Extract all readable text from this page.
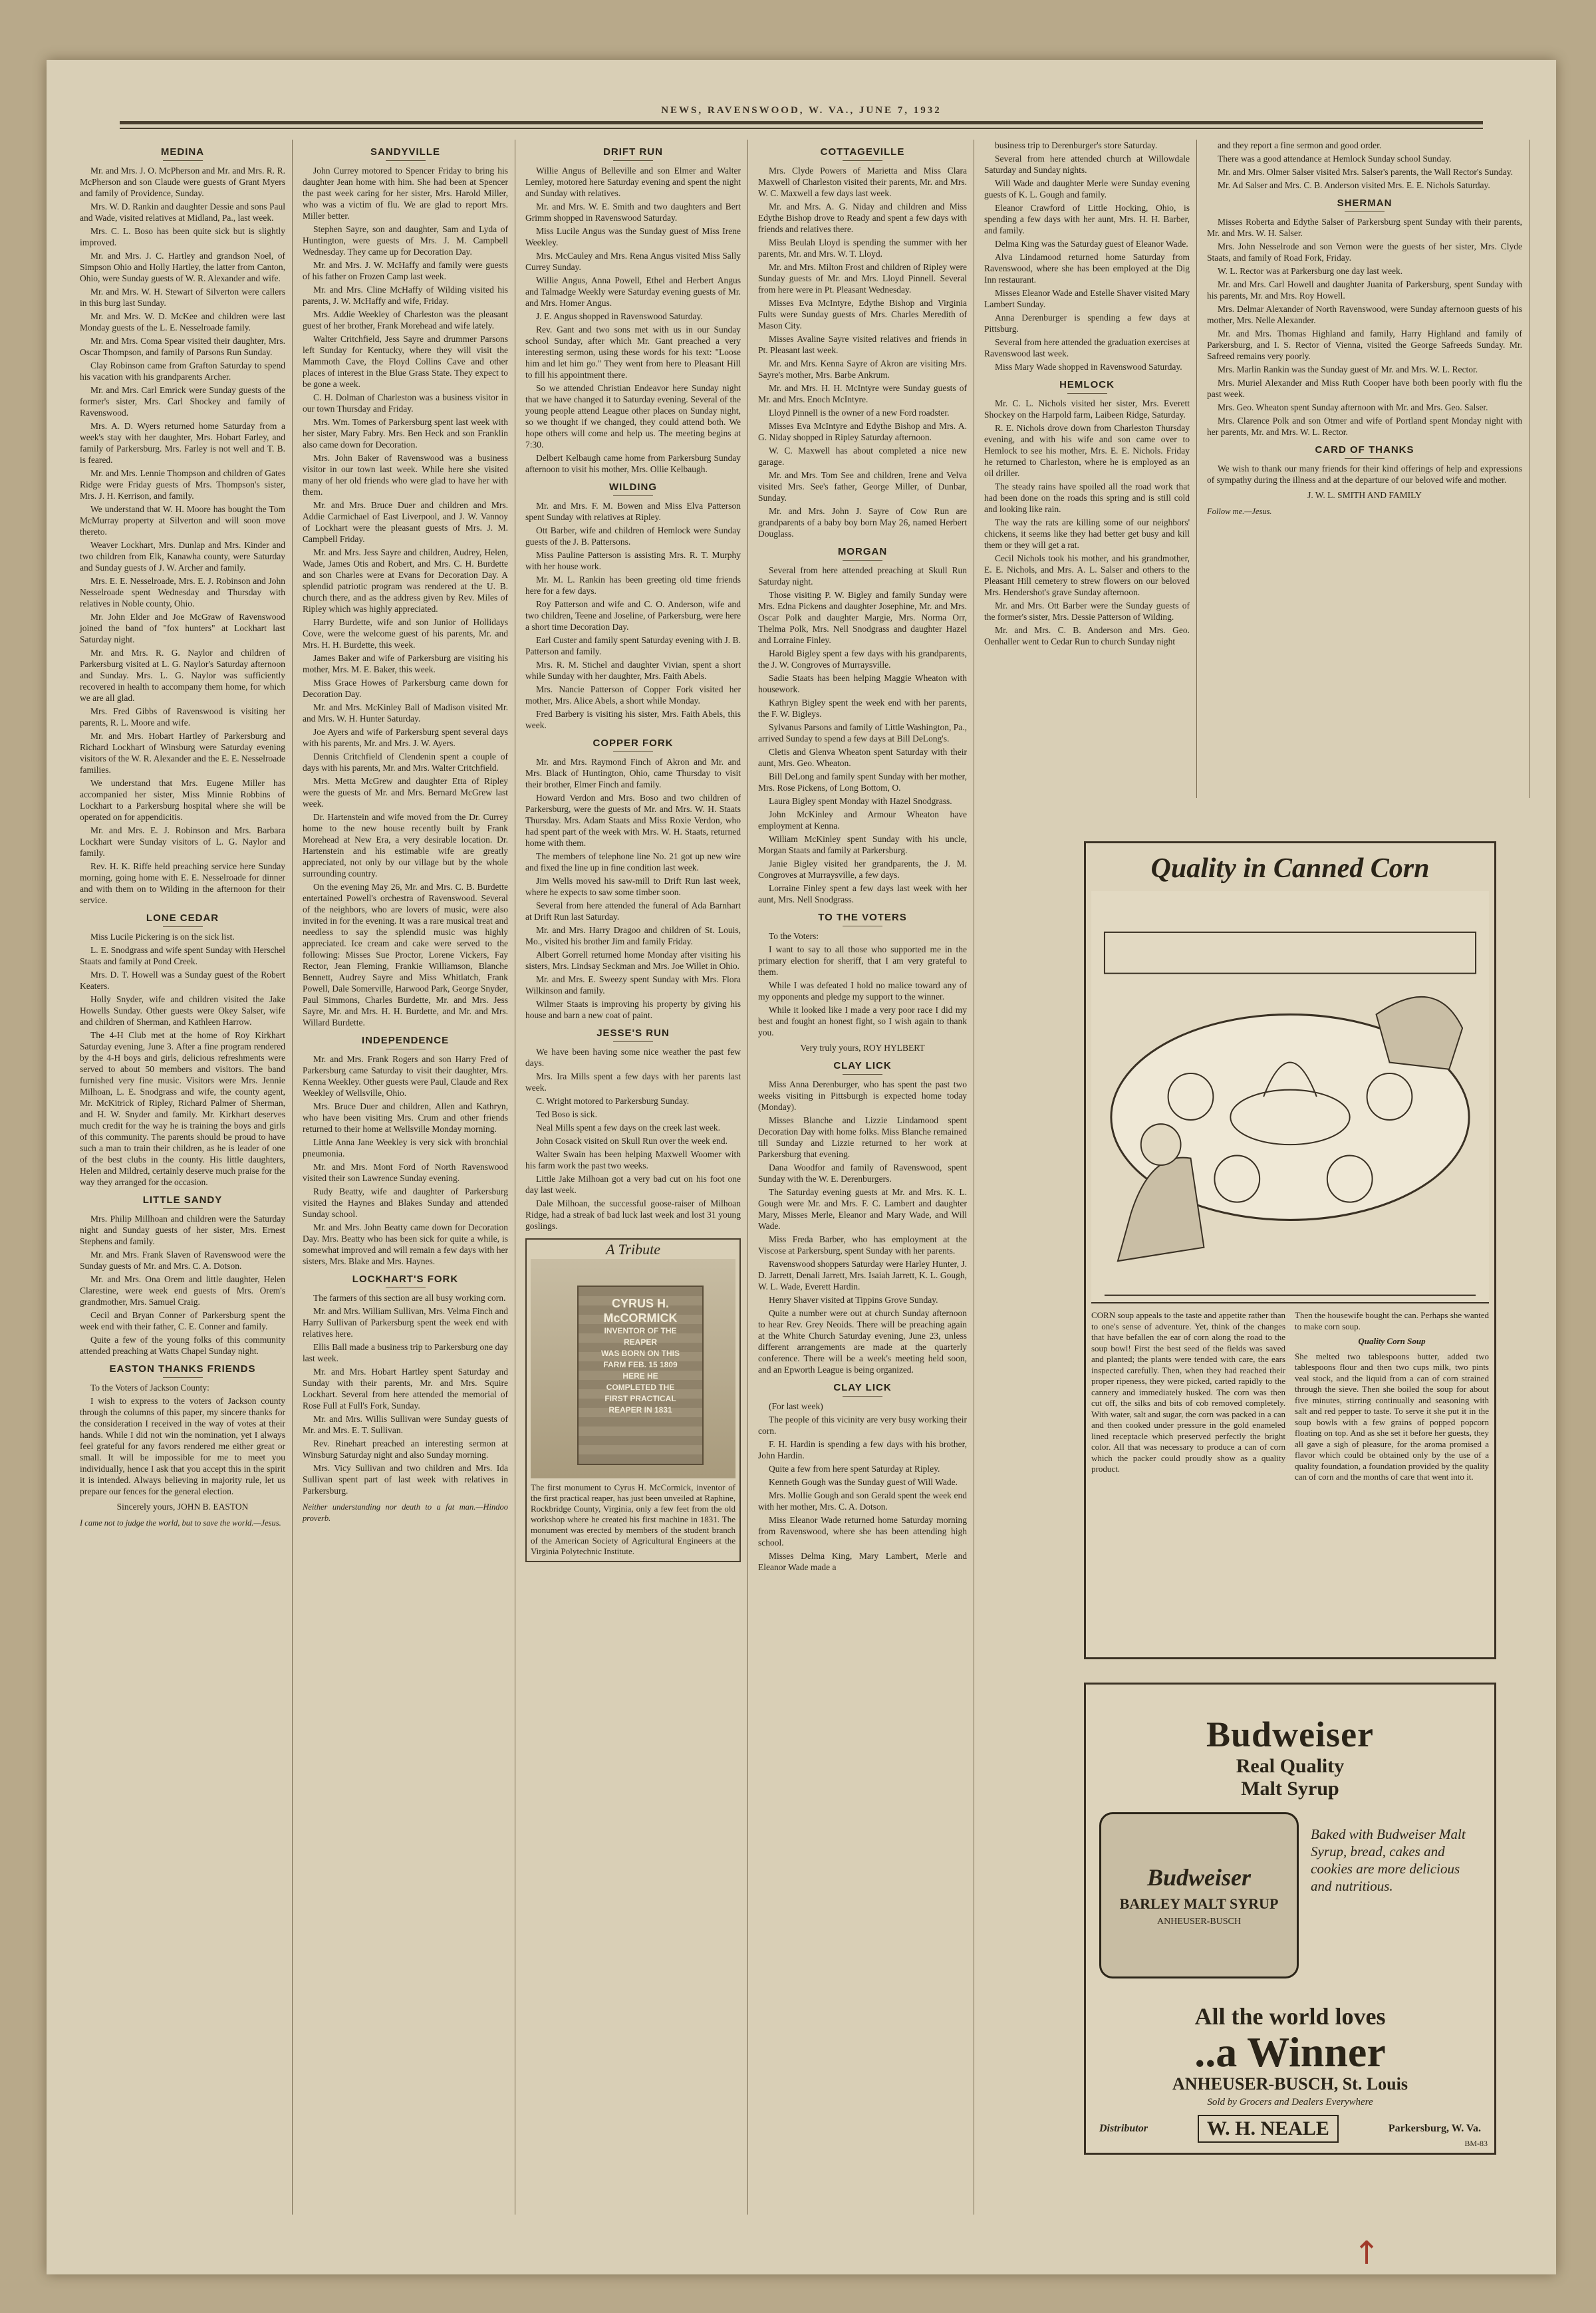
NEWS, RAVENSWOOD, W. VA., JUNE 7, 1932
MEDINA

Mr. and Mrs. J. O. McPherson and Mr. and Mrs. R. R. McPherson and son Claude were guests of Grant Myers and family of Providence, Sunday.

Mrs. W. D. Rankin and daughter Dessie and sons Paul and Wade, visited relatives at Midland, Pa., last week.

Mrs. C. L. Boso has been quite sick but is slightly improved.

Mr. and Mrs. J. C. Hartley and grandson Noel, of Simpson Ohio and Holly Hartley, the latter from Canton, Ohio, were Sunday guests of W. R. Alexander and wife.

Mr. and Mrs. W. H. Stewart of Silverton were callers in this burg last Sunday.

Mr. and Mrs. W. D. McKee and children were last Monday guests of the L. E. Nesselroade family.

Mr. and Mrs. Coma Spear visited their daughter, Mrs. Oscar Thompson, and family of Parsons Run Sunday.

Clay Robinson came from Grafton Saturday to spend his vacation with his grandparents Archer.

Mr. and Mrs. Carl Emrick were Sunday guests of the former's sister, Mrs. Carl Shockey and family of Ravenswood.

Mrs. A. D. Wyers returned home Saturday from a week's stay with her daughter, Mrs. Hobart Farley, and family of Parkersburg. Mrs. Farley is not well and T. B. is feared.

Mr. and Mrs. Lennie Thompson and children of Gates Ridge were Friday guests of Mrs. Thompson's sister, Mrs. J. H. Kerrison, and family.

We understand that W. H. Moore has bought the Tom McMurray property at Silverton and will soon move thereto.

Weaver Lockhart, Mrs. Dunlap and Mrs. Kinder and two children from Elk, Kanawha county, were Saturday and Sunday guests of J. W. Archer and family.

Mrs. E. E. Nesselroade, Mrs. E. J. Robinson and John Nesselroade spent Wednesday and Thursday with relatives in Noble county, Ohio.

Mr. John Elder and Joe McGraw of Ravenswood joined the band of "fox hunters" at Lockhart last Saturday night.

Mr. and Mrs. R. G. Naylor and children of Parkersburg visited at L. G. Naylor's Saturday afternoon and Sunday. Mrs. L. G. Naylor was sufficiently recovered in health to accompany them home, for which we are all glad.

Mrs. Fred Gibbs of Ravenswood is visiting her parents, R. L. Moore and wife.

Mr. and Mrs. Hobart Hartley of Parkersburg and Richard Lockhart of Winsburg were Saturday evening visitors of the W. R. Alexander and the E. E. Nesselroade families.

We understand that Mrs. Eugene Miller has accompanied her sister, Miss Minnie Robbins of Lockhart to a Parkersburg hospital where she will be operated on for appendicitis.

Mr. and Mrs. E. J. Robinson and Mrs. Barbara Lockhart were Sunday visitors of L. G. Naylor and family.

Rev. H. K. Riffe held preaching service here Sunday morning, going home with E. E. Nesselroade for dinner and with them on to Wilding in the afternoon for their service.

LONE CEDAR

Miss Lucile Pickering is on the sick list.

L. E. Snodgrass and wife spent Sunday with Herschel Staats and family at Pond Creek.

Mrs. D. T. Howell was a Sunday guest of the Robert Keaters.

Holly Snyder, wife and children visited the Jake Howells Sunday. Other guests were Okey Salser, wife and children of Sherman, and Kathleen Harrow.

The 4-H Club met at the home of Roy Kirkhart Saturday evening, June 3. After a fine program rendered by the 4-H boys and girls, delicious refreshments were served to about 50 members and visitors. The band furnished very fine music. Visitors were Mrs. Jennie Milhoan, L. E. Snodgrass and wife, the county agent, Mr. McKitrick of Ripley, Richard Palmer of Sherman, and H. W. Snyder and family. Mr. Kirkhart deserves much credit for the way he is training the boys and girls of this community. The parents should be proud to have such a man to train their children, as he is leader of one of the best clubs in the county. His little daughters, Helen and Mildred, certainly deserve much praise for the way they arranged for the occasion.

LITTLE SANDY

Mrs. Philip Millhoan and children were the Saturday night and Sunday guests of her sister, Mrs. Ernest Stephens and family.

Mr. and Mrs. Frank Slaven of Ravenswood were the Sunday guests of Mr. and Mrs. C. A. Dotson.

Mr. and Mrs. Ona Orem and little daughter, Helen Clarestine, were week end guests of Mrs. Orem's grandmother, Mrs. Samuel Craig.

Cecil and Bryan Conner of Parkersburg spent the week end with their father, C. E. Conner and family.

Quite a few of the young folks of this community attended preaching at Watts Chapel Sunday night.

EASTON THANKS FRIENDS

To the Voters of Jackson County:

I wish to express to the voters of Jackson county through the columns of this paper, my sincere thanks for the consideration I received in the way of votes at their hands. While I did not win the nomination, yet I always feel grateful for any favors rendered me either great or small. It will be impossible for me to meet you individually, hence I ask that you accept this in the spirit it is intended. Always believing in majority rule, let us prepare our fences for the general election.

Sincerely yours, JOHN B. EASTON

I came not to judge the world, but to save the world.—Jesus.

SANDYVILLE

John Currey motored to Spencer Friday to bring his daughter Jean home with him. She had been at Spencer the past week caring for her sister, Mrs. Harold Miller, who was a victim of flu. We are glad to report Mrs. Miller better.

Stephen Sayre, son and daughter, Sam and Lyda of Huntington, were guests of Mrs. J. M. Campbell Wednesday. They came up for Decoration Day.

Mr. and Mrs. J. W. McHaffy and family were guests of his father on Frozen Camp last week.

Mr. and Mrs. Cline McHaffy of Wilding visited his parents, J. W. McHaffy and wife, Friday.

Mrs. Addie Weekley of Charleston was the pleasant guest of her brother, Frank Morehead and wife lately.

Walter Critchfield, Jess Sayre and drummer Parsons left Sunday for Kentucky, where they will visit the Mammoth Cave, the Floyd Collins Cave and other places of interest in the Blue Grass State. They expect to be gone a week.

C. H. Dolman of Charleston was a business visitor in our town Thursday and Friday.

Mrs. Wm. Tomes of Parkersburg spent last week with her sister, Mary Fabry. Mrs. Ben Heck and son Franklin also came down for Decoration.

Mrs. John Baker of Ravenswood was a business visitor in our town last week. While here she visited many of her old friends who were glad to have her with them.

Mr. and Mrs. Bruce Duer and children and Mrs. Addie Carmichael of East Liverpool, and J. W. Vannoy of Lockhart were the pleasant guests of Mrs. J. M. Campbell Friday.

Mr. and Mrs. Jess Sayre and children, Audrey, Helen, Wade, James Otis and Robert, and Mrs. C. H. Burdette and son Charles were at Evans for Decoration Day. A splendid patriotic program was rendered at the U. B. church there, and as the address given by Rev. Miles of Ripley which was highly appreciated.

Harry Burdette, wife and son Junior of Hollidays Cove, were the welcome guest of his parents, Mr. and Mrs. H. H. Burdette, this week.

James Baker and wife of Parkersburg are visiting his mother, Mrs. M. E. Baker, this week.

Miss Grace Howes of Parkersburg came down for Decoration Day.

Mr. and Mrs. McKinley Ball of Madison visited Mr. and Mrs. W. H. Hunter Saturday.

Joe Ayers and wife of Parkersburg spent several days with his parents, Mr. and Mrs. J. W. Ayers.

Dennis Critchfield of Clendenin spent a couple of days with his parents, Mr. and Mrs. Walter Critchfield.

Mrs. Metta McGrew and daughter Etta of Ripley were the guests of Mr. and Mrs. Bernard McGrew last week.

Dr. Hartenstein and wife moved from the Dr. Currey home to the new house recently built by Frank Morehead at New Era, a very desirable location. Dr. Hartenstein and his estimable wife are greatly appreciated, not only by our village but by the whole surrounding country.

On the evening May 26, Mr. and Mrs. C. B. Burdette entertained Powell's orchestra of Ravenswood. Several of the neighbors, who are lovers of music, were also invited in for the evening. It was a rare musical treat and needless to say the splendid music was highly appreciated. Ice cream and cake were served to the following: Misses Sue Proctor, Lorene Vickers, Fay Rector, Jean Fleming, Frankie Williamson, Blanche Bennett, Audrey Sayre and Miss Whitlatch, Frank Powell, Dale Somerville, Harwood Park, George Snyder, Paul Simmons, Charles Burdette, Mr. and Mrs. Jess Sayre, Mr. and Mrs. H. H. Burdette, and Mr. and Mrs. Willard Burdette.

INDEPENDENCE

Mr. and Mrs. Frank Rogers and son Harry Fred of Parkersburg came Saturday to visit their daughter, Mrs. Kenna Weekley. Other guests were Paul, Claude and Rex Weekley of Wellsville, Ohio.

Mrs. Bruce Duer and children, Allen and Kathryn, who have been visiting Mrs. Crum and other friends returned to their home at Wellsville Monday morning.

Little Anna Jane Weekley is very sick with bronchial pneumonia.

Mr. and Mrs. Mont Ford of North Ravenswood visited their son Lawrence Sunday evening.

Rudy Beatty, wife and daughter of Parkersburg visited the Haynes and Blakes Sunday and attended Sunday school.

Mr. and Mrs. John Beatty came down for Decoration Day. Mrs. Beatty who has been sick for quite a while, is somewhat improved and will remain a few days with her sisters, Mrs. Blake and Mrs. Haynes.

LOCKHART'S FORK

The farmers of this section are all busy working corn.

Mr. and Mrs. William Sullivan, Mrs. Velma Finch and Harry Sullivan of Parkersburg spent the week end with relatives here.

Ellis Ball made a business trip to Parkersburg one day last week.

Mr. and Mrs. Hobart Hartley spent Saturday and Sunday with their parents, Mr. and Mrs. Squire Lockhart. Several from here attended the memorial of Rose Full at Full's Fork, Sunday.

Mr. and Mrs. Willis Sullivan were Sunday guests of Mr. and Mrs. E. T. Sullivan.

Rev. Rinehart preached an interesting sermon at Winsburg Saturday night and also Sunday morning.

Mrs. Vicy Sullivan and two children and Mrs. Ida Sullivan spent part of last week with relatives in Parkersburg.

Neither understanding nor death to a fat man.—Hindoo proverb.

DRIFT RUN

Willie Angus of Belleville and son Elmer and Walter Lemley, motored here Saturday evening and spent the night and Sunday with relatives.

Mr. and Mrs. W. E. Smith and two daughters and Bert Grimm shopped in Ravenswood Saturday.

Miss Lucile Angus was the Sunday guest of Miss Irene Weekley.

Mrs. McCauley and Mrs. Rena Angus visited Miss Sally Currey Sunday.

Willie Angus, Anna Powell, Ethel and Herbert Angus and Talmadge Weekly were Saturday evening guests of Mr. and Mrs. Homer Angus.

J. E. Angus shopped in Ravenswood Saturday.

Rev. Gant and two sons met with us in our Sunday school Sunday, after which Mr. Gant preached a very interesting sermon, using these words for his text: "Loose him and let him go." They went from here to Pleasant Hill to fill his appointment there.

So we attended Christian Endeavor here Sunday night that we have changed it to Saturday evening. Several of the young people attend League other places on Sunday night, so we thought if we changed, they could attend both. We hope others will come and help us. The meeting begins at 7:30.

Delbert Kelbaugh came home from Parkersburg Sunday afternoon to visit his mother, Mrs. Ollie Kelbaugh.

WILDING

Mr. and Mrs. F. M. Bowen and Miss Elva Patterson spent Sunday with relatives at Ripley.

Ott Barber, wife and children of Hemlock were Sunday guests of the J. B. Pattersons.

Miss Pauline Patterson is assisting Mrs. R. T. Murphy with her house work.

Mr. M. L. Rankin has been greeting old time friends here for a few days.

Roy Patterson and wife and C. O. Anderson, wife and two children, Teene and Joseline, of Parkersburg, were here a short time Decoration Day.

Earl Custer and family spent Saturday evening with J. B. Patterson and family.

Mrs. R. M. Stichel and daughter Vivian, spent a short while Sunday with her daughter, Mrs. Faith Abels.

Mrs. Nancie Patterson of Copper Fork visited her mother, Mrs. Alice Abels, a short while Monday.

Fred Barbery is visiting his sister, Mrs. Faith Abels, this week.

COPPER FORK

Mr. and Mrs. Raymond Finch of Akron and Mr. and Mrs. Black of Huntington, Ohio, came Thursday to visit their brother, Elmer Finch and family.

Howard Verdon and Mrs. Boso and two children of Parkersburg, were the guests of Mr. and Mrs. W. H. Staats Thursday. Mrs. Adam Staats and Miss Roxie Verdon, who had spent part of the week with Mrs. W. H. Staats, returned home with them.

The members of telephone line No. 21 got up new wire and fixed the line up in fine condition last week.

Jim Wells moved his saw-mill to Drift Run last week, where he expects to saw some timber soon.

Several from here attended the funeral of Ada Barnhart at Drift Run last Saturday.

Mr. and Mrs. Harry Dragoo and children of St. Louis, Mo., visited his brother Jim and family Friday.

Albert Gorrell returned home Monday after visiting his sisters, Mrs. Lindsay Seckman and Mrs. Joe Willet in Ohio.

Mr. and Mrs. E. Sweezy spent Sunday with Mrs. Flora Wilkinson and family.

Wilmer Staats is improving his property by giving his house and barn a new coat of paint.

JESSE'S RUN

We have been having some nice weather the past few days.

Mrs. Ira Mills spent a few days with her parents last week.

C. Wright motored to Parkersburg Sunday.

Ted Boso is sick.

Neal Mills spent a few days on the creek last week.

John Cosack visited on Skull Run over the week end.

Walter Swain has been helping Maxwell Woomer with his farm work the past two weeks.

Little Jake Milhoan got a very bad cut on his foot one day last week.

Dale Milhoan, the successful goose-raiser of Milhoan Ridge, had a streak of bad luck last week and lost 31 young goslings.

A Tribute
CYRUS H.
McCORMICK
INVENTOR OF THE
REAPER
WAS BORN ON THIS
FARM FEB. 15 1809
HERE HE
COMPLETED THE
FIRST PRACTICAL
REAPER IN 1831

The first monument to Cyrus H. McCormick, inventor of the first practical reaper, has just been unveiled at Raphine, Rockbridge County, Virginia, only a few feet from the old workshop where he created his first machine in 1831. The monument was erected by members of the student branch of the American Society of Agricultural Engineers at the Virginia Polytechnic Institute.

COTTAGEVILLE

Mrs. Clyde Powers of Marietta and Miss Clara Maxwell of Charleston visited their parents, Mr. and Mrs. W. C. Maxwell a few days last week.

Mr. and Mrs. A. G. Niday and children and Miss Edythe Bishop drove to Ready and spent a few days with friends and relatives there.

Miss Beulah Lloyd is spending the summer with her parents, Mr. and Mrs. W. T. Lloyd.

Mr. and Mrs. Milton Frost and children of Ripley were Sunday guests of Mr. and Mrs. Lloyd Pinnell. Several from here were in Pt. Pleasant Wednesday.

Misses Eva McIntyre, Edythe Bishop and Virginia Fults were Sunday guests of Mrs. Charles Meredith of Mason City.

Misses Avaline Sayre visited relatives and friends in Pt. Pleasant last week.

Mr. and Mrs. Kenna Sayre of Akron are visiting Mrs. Sayre's mother, Mrs. Barbe Ankrum.

Mr. and Mrs. H. H. McIntyre were Sunday guests of Mr. and Mrs. Enoch McIntyre.

Lloyd Pinnell is the owner of a new Ford roadster.

Misses Eva McIntyre and Edythe Bishop and Mrs. A. G. Niday shopped in Ripley Saturday afternoon.

W. C. Maxwell has about completed a nice new garage.

Mr. and Mrs. Tom See and children, Irene and Velva visited Mrs. See's father, George Miller, of Dunbar, Sunday.

Mr. and Mrs. John J. Sayre of Cow Run are grandparents of a baby boy born May 26, named Herbert Douglass.

MORGAN

Several from here attended preaching at Skull Run Saturday night.

Those visiting P. W. Bigley and family Sunday were Mrs. Edna Pickens and daughter Josephine, Mr. and Mrs. Oscar Polk and daughter Margie, Mrs. Norma Orr, Thelma Polk, Mrs. Nell Snodgrass and daughter Hazel and Lorraine Finley.

Harold Bigley spent a few days with his grandparents, the J. W. Congroves of Murraysville.

Sadie Staats has been helping Maggie Wheaton with housework.

Kathryn Bigley spent the week end with her parents, the F. W. Bigleys.

Sylvanus Parsons and family of Little Washington, Pa., arrived Sunday to spend a few days at Bill DeLong's.

Cletis and Glenva Wheaton spent Saturday with their aunt, Mrs. Geo. Wheaton.

Bill DeLong and family spent Sunday with her mother, Mrs. Rose Pickens, of Long Bottom, O.

Laura Bigley spent Monday with Hazel Snodgrass.

John McKinley and Armour Wheaton have employment at Kenna.

William McKinley spent Sunday with his uncle, Morgan Staats and family at Parkersburg.

Janie Bigley visited her grandparents, the J. M. Congroves at Murraysville, a few days.

Lorraine Finley spent a few days last week with her aunt, Mrs. Nell Snodgrass.

TO THE VOTERS

To the Voters:

I want to say to all those who supported me in the primary election for sheriff, that I am very grateful to them.

While I was defeated I hold no malice toward any of my opponents and pledge my support to the winner.

While it looked like I made a very poor race I did my best and fought an honest fight, so I wish again to thank you.

Very truly yours, ROY HYLBERT

CLAY LICK

Miss Anna Derenburger, who has spent the past two weeks visiting in Pittsburgh is expected home today (Monday).

Misses Blanche and Lizzie Lindamood spent Decoration Day with home folks. Miss Blanche remained till Sunday and Lizzie returned to her work at Parkersburg that evening.

Dana Woodfor and family of Ravenswood, spent Sunday with the W. E. Derenburgers.

The Saturday evening guests at Mr. and Mrs. K. L. Gough were Mr. and Mrs. F. C. Lambert and daughter Mary, Misses Merle, Eleanor and Mary Wade, and Will Wade.

Miss Freda Barber, who has employment at the Viscose at Parkersburg, spent Sunday with her parents.

Ravenswood shoppers Saturday were Harley Hunter, J. D. Jarrett, Denali Jarrett, Mrs. Isaiah Jarrett, K. L. Gough, W. L. Wade, Everett Hardin.

Henry Shaver visited at Tippins Grove Sunday.

Quite a number were out at church Sunday afternoon to hear Rev. Grey Neoids. There will be preaching again at the White Church Saturday evening, June 23, unless different arrangements are made at the quarterly conference. There will be a week's meeting held soon, and an Epworth League is being organized.

CLAY LICK

(For last week)

The people of this vicinity are very busy working their corn.

F. H. Hardin is spending a few days with his brother, John Hardin.

Quite a few from here spent Saturday at Ripley.

Kenneth Gough was the Sunday guest of Will Wade.

Mrs. Mollie Gough and son Gerald spent the week end with her mother, Mrs. C. A. Dotson.

Miss Eleanor Wade returned home Saturday morning from Ravenswood, where she has been attending high school.

Misses Delma King, Mary Lambert, Merle and Eleanor Wade made a

business trip to Derenburger's store Saturday.

Several from here attended church at Willowdale Saturday and Sunday nights.

Will Wade and daughter Merle were Sunday evening guests of K. L. Gough and family.

Eleanor Crawford of Little Hocking, Ohio, is spending a few days with her aunt, Mrs. H. H. Barber, and family.

Delma King was the Saturday guest of Eleanor Wade.

Alva Lindamood returned home Saturday from Ravenswood, where she has been employed at the Dig Inn restaurant.

Misses Eleanor Wade and Estelle Shaver visited Mary Lambert Sunday.

Anna Derenburger is spending a few days at Pittsburg.

Several from here attended the graduation exercises at Ravenswood last week.

Miss Mary Wade shopped in Ravenswood Saturday.

HEMLOCK

Mr. C. L. Nichols visited her sister, Mrs. Everett Shockey on the Harpold farm, Laibeen Ridge, Saturday.

R. E. Nichols drove down from Charleston Thursday evening, and with his wife and son came over to Hemlock to see his mother, Mrs. E. E. Nichols. Friday he returned to Charleston, where he is employed as an oil driller.

The steady rains have spoiled all the road work that had been done on the roads this spring and is still cold and looking like rain.

The way the rats are killing some of our neighbors' chickens, it seems like they had better get busy and kill them or they will get a rat.

Cecil Nichols took his mother, and his grandmother, E. E. Nichols, and Mrs. A. L. Salser and others to the Pleasant Hill cemetery to strew flowers on our beloved Mrs. Hendershot's grave Sunday afternoon.

Mr. and Mrs. Ott Barber were the Sunday guests of the former's sister, Mrs. Dessie Patterson of Wilding.

Mr. and Mrs. C. B. Anderson and Mrs. Geo. Oenhaller went to Cedar Run to church Sunday night

and they report a fine sermon and good order.

There was a good attendance at Hemlock Sunday school Sunday.

Mr. and Mrs. Olmer Salser visited Mrs. Salser's parents, the Wall Rector's Sunday.

Mr. Ad Salser and Mrs. C. B. Anderson visited Mrs. E. E. Nichols Saturday.

SHERMAN

Misses Roberta and Edythe Salser of Parkersburg spent Sunday with their parents, Mr. and Mrs. W. H. Salser.

Mrs. John Nesselrode and son Vernon were the guests of her sister, Mrs. Clyde Staats, and family of Road Fork, Friday.

W. L. Rector was at Parkersburg one day last week.

Mr. and Mrs. Carl Howell and daughter Juanita of Parkersburg, spent Sunday with his parents, Mr. and Mrs. Roy Howell.

Mrs. Delmar Alexander of North Ravenswood, were Sunday afternoon guests of his mother, Mrs. Nelle Alexander.

Mr. and Mrs. Thomas Highland and family, Harry Highland and family of Parkersburg, and I. S. Rector of Vienna, visited the George Safreeds Sunday. Mr. Safreed remains very poorly.

Mrs. Marlin Rankin was the Sunday guest of Mr. and Mrs. W. L. Rector.

Mrs. Muriel Alexander and Miss Ruth Cooper have both been poorly with flu the past week.

Mrs. Geo. Wheaton spent Sunday afternoon with Mr. and Mrs. Geo. Salser.

Mrs. Clarence Polk and son Otmer and wife of Portland spent Monday night with her parents, Mr. and Mrs. W. L. Rector.

CARD OF THANKS

We wish to thank our many friends for their kind offerings of help and expressions of sympathy during the illness and at the departure of our beloved wife and mother.

J. W. L. SMITH AND FAMILY

Follow me.—Jesus.

Quality in Canned Corn
CORN soup appeals to the taste and appetite rather than to one's sense of adventure. Yet, think of the changes that have befallen the ear of corn along the road to the soup bowl! First the best seed of the fields was saved and planted; the plants were tended with care, the ears inspected carefully. Then, when they had reached their proper ripeness, they were picked, carted rapidly to the cannery and immediately husked. The corn was then cut off, the silks and bits of cob removed completely. With water, salt and sugar, the corn was packed in a can and then cooked under pressure in the gold enameled lined receptacle which preserved perfectly the bright color. All that was necessary to produce a can of corn which the packer could proudly show as a quality product.

Then the housewife bought the can. Perhaps she wanted to make corn soup.

Quality Corn Soup

She melted two tablespoons butter, added two tablespoons flour and then two cups milk, two pints veal stock, and the liquid from a can of corn strained through the sieve. Then she boiled the soup for about five minutes, stirring continually and seasoning with salt and red pepper to taste. To serve it she put it in the soup bowls with a few grains of popped popcorn floating on top. And as she set it before her guests, they all gave a sigh of pleasure, for the aroma promised a flavor which could be obtained only by the use of a quality foundation, a foundation provided by the quality can of corn and the months of care that went into it.

Budweiser
Real Quality
Malt Syrup
Budweiser
BARLEY MALT SYRUP
ANHEUSER-BUSCH
Baked with Budweiser Malt Syrup, bread, cakes and cookies are more delicious and nutritious.
All the world loves
..a Winner
ANHEUSER-BUSCH, St. Louis
Sold by Grocers and Dealers Everywhere
Distributor	W. H. NEALE	Parkersburg, W. Va.
BM-83
↑
